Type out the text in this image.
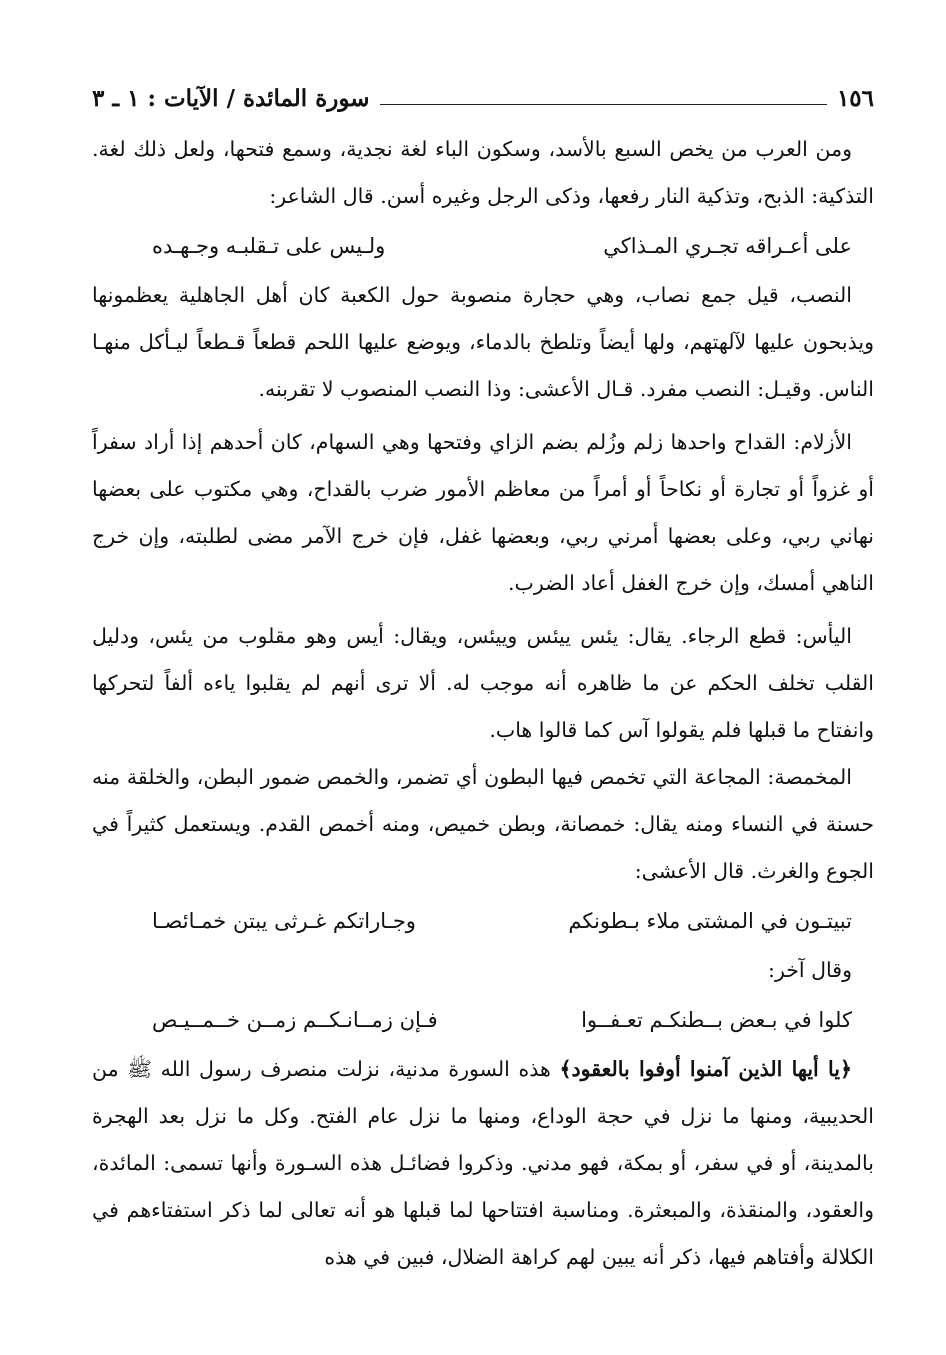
١٥٦
سورة المائدة / الآيات : ١ ـ ٣

ومن العرب من يخص السبع بالأسد، وسكون الباء لغة نجدية، وسمع فتحها، ولعل ذلك لغة. التذكية: الذبح، وتذكية النار رفعها، وذكى الرجل وغيره أسن. قال الشاعر:

على أعـراقه تجـري المـذاكي
ولـيس على تـقلبـه وجـهـده

النصب، قيل جمع نصاب، وهي حجارة منصوبة حول الكعبة كان أهل الجاهلية يعظمونها ويذبحون عليها لآلهتهم، ولها أيضاً وتلطخ بالدماء، ويوضع عليها اللحم قطعاً قـطعاً ليـأكل منهـا الناس. وقيـل: النصب مفرد. قـال الأعشى: وذا النصب المنصوب لا تقربنه.

الأزلام: القداح واحدها زلم وزُلم بضم الزاي وفتحها وهي السهام، كان أحدهم إذا أراد سفراً أو غزواً أو تجارة أو نكاحاً أو أمراً من معاظم الأمور ضرب بالقداح، وهي مكتوب على بعضها نهاني ربي، وعلى بعضها أمرني ربي، وبعضها غفل، فإن خرج الآمر مضى لطلبته، وإن خرج الناهي أمسك، وإن خرج الغفل أعاد الضرب.

اليأس: قطع الرجاء. يقال: يئس ييئس وييئس، ويقال: أيس وهو مقلوب من يئس، ودليل القلب تخلف الحكم عن ما ظاهره أنه موجب له. ألا ترى أنهم لم يقلبوا ياءه ألفاً لتحركها وانفتاح ما قبلها فلم يقولوا آس كما قالوا هاب.

المخمصة: المجاعة التي تخمص فيها البطون أي تضمر، والخمص ضمور البطن، والخلقة منه حسنة في النساء ومنه يقال: خمصانة، وبطن خميص، ومنه أخمص القدم. ويستعمل كثيراً في الجوع والغرث. قال الأعشى:

تبيتـون في المشتى ملاء بـطونكم
وجـاراتكم غـرثى يبتن خمـائصـا

وقال آخر:

كلوا في بـعض بــطنكـم تعـفــوا
فـإن زمــانـكــم زمــن خــمــيـص

﴿يا أيها الذين آمنوا أوفوا بالعقود﴾ هذه السورة مدنية، نزلت منصرف رسول الله ﷺ من الحديبية، ومنها ما نزل في حجة الوداع، ومنها ما نزل عام الفتح. وكل ما نزل بعد الهجرة بالمدينة، أو في سفر، أو بمكة، فهو مدني. وذكروا فضائـل هذه السـورة وأنها تسمى: المائدة، والعقود، والمنقذة، والمبعثرة. ومناسبة افتتاحها لما قبلها هو أنه تعالى لما ذكر استفتاءهم في الكلالة وأفتاهم فيها، ذكر أنه يبين لهم كراهة الضلال، فبين في هذه
